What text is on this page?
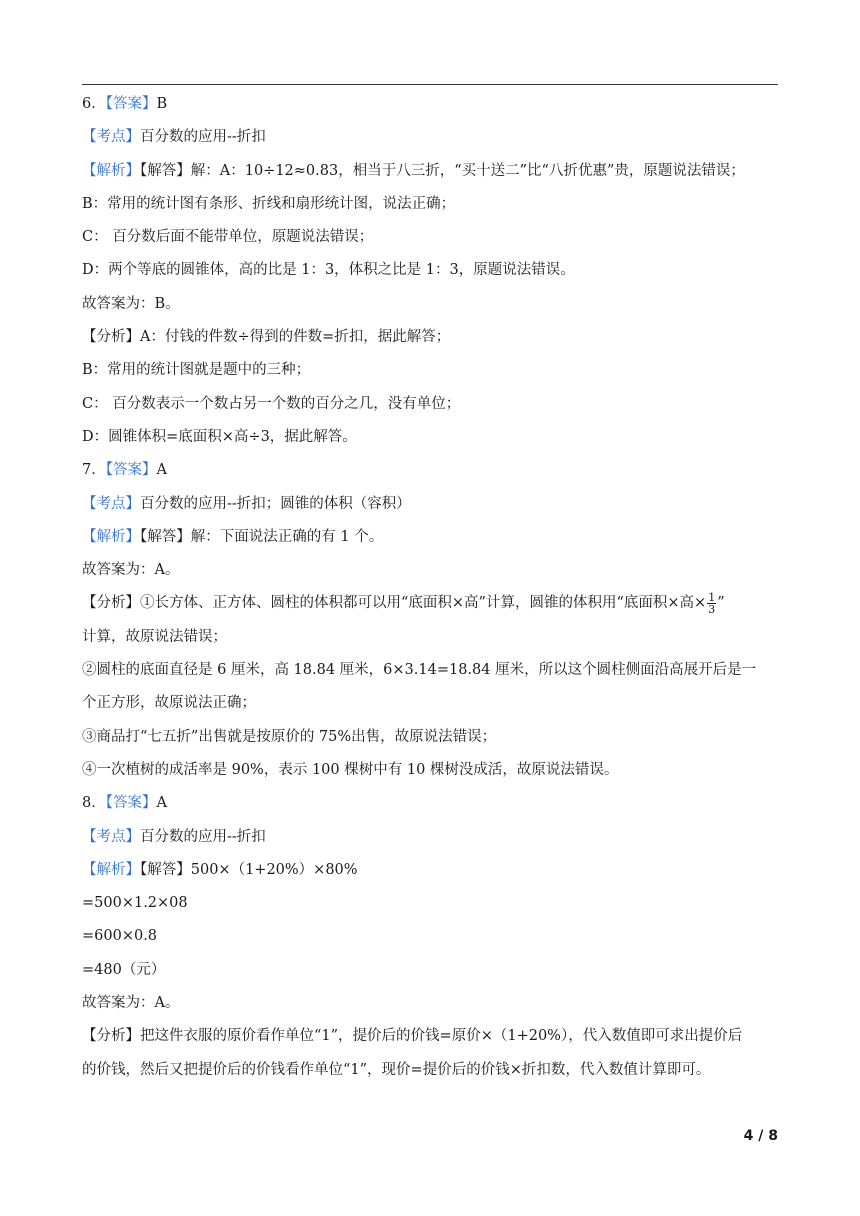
6．【答案】B
【考点】百分数的应用--折扣
【解析】【解答】解：A：10÷12≈0.83，相当于八三折，“买十送二”比“八折优惠”贵，原题说法错误；
B：常用的统计图有条形、折线和扇形统计图，说法正确；
C： 百分数后面不能带单位，原题说法错误；
D：两个等底的圆锥体，高的比是 1：3，体积之比是 1：3，原题说法错误。
故答案为：B。
【分析】A：付钱的件数÷得到的件数=折扣，据此解答；
B：常用的统计图就是题中的三种；
C： 百分数表示一个数占另一个数的百分之几，没有单位；
D：圆锥体积=底面积×高÷3，据此解答。
7．【答案】A
【考点】百分数的应用--折扣；圆锥的体积（容积）
【解析】【解答】解：下面说法正确的有 1 个。
故答案为：A。
【分析】①长方体、正方体、圆柱的体积都可以用“底面积×高”计算，圆锥的体积用“底面积×高× $\frac{1}{3}$ ”
计算，故原说法错误；
②圆柱的底面直径是 6 厘米，高 18.84 厘米，6×3.14=18.84 厘米，所以这个圆柱侧面沿高展开后是一
个正方形，故原说法正确；
③商品打“七五折”出售就是按原价的 75%出售，故原说法错误；
④一次植树的成活率是 90%，表示 100 棵树中有 10 棵树没成活，故原说法错误。
8．【答案】A
【考点】百分数的应用--折扣
【解析】【解答】500×（1+20%）×80%
=500×1.2×08
=600×0.8
=480（元）
故答案为：A。
【分析】把这件衣服的原价看作单位“1”，提价后的价钱=原价×（1+20%），代入数值即可求出提价后
的价钱，然后又把提价后的价钱看作单位“1”，现价=提价后的价钱×折扣数，代入数值计算即可。
4 / 8
